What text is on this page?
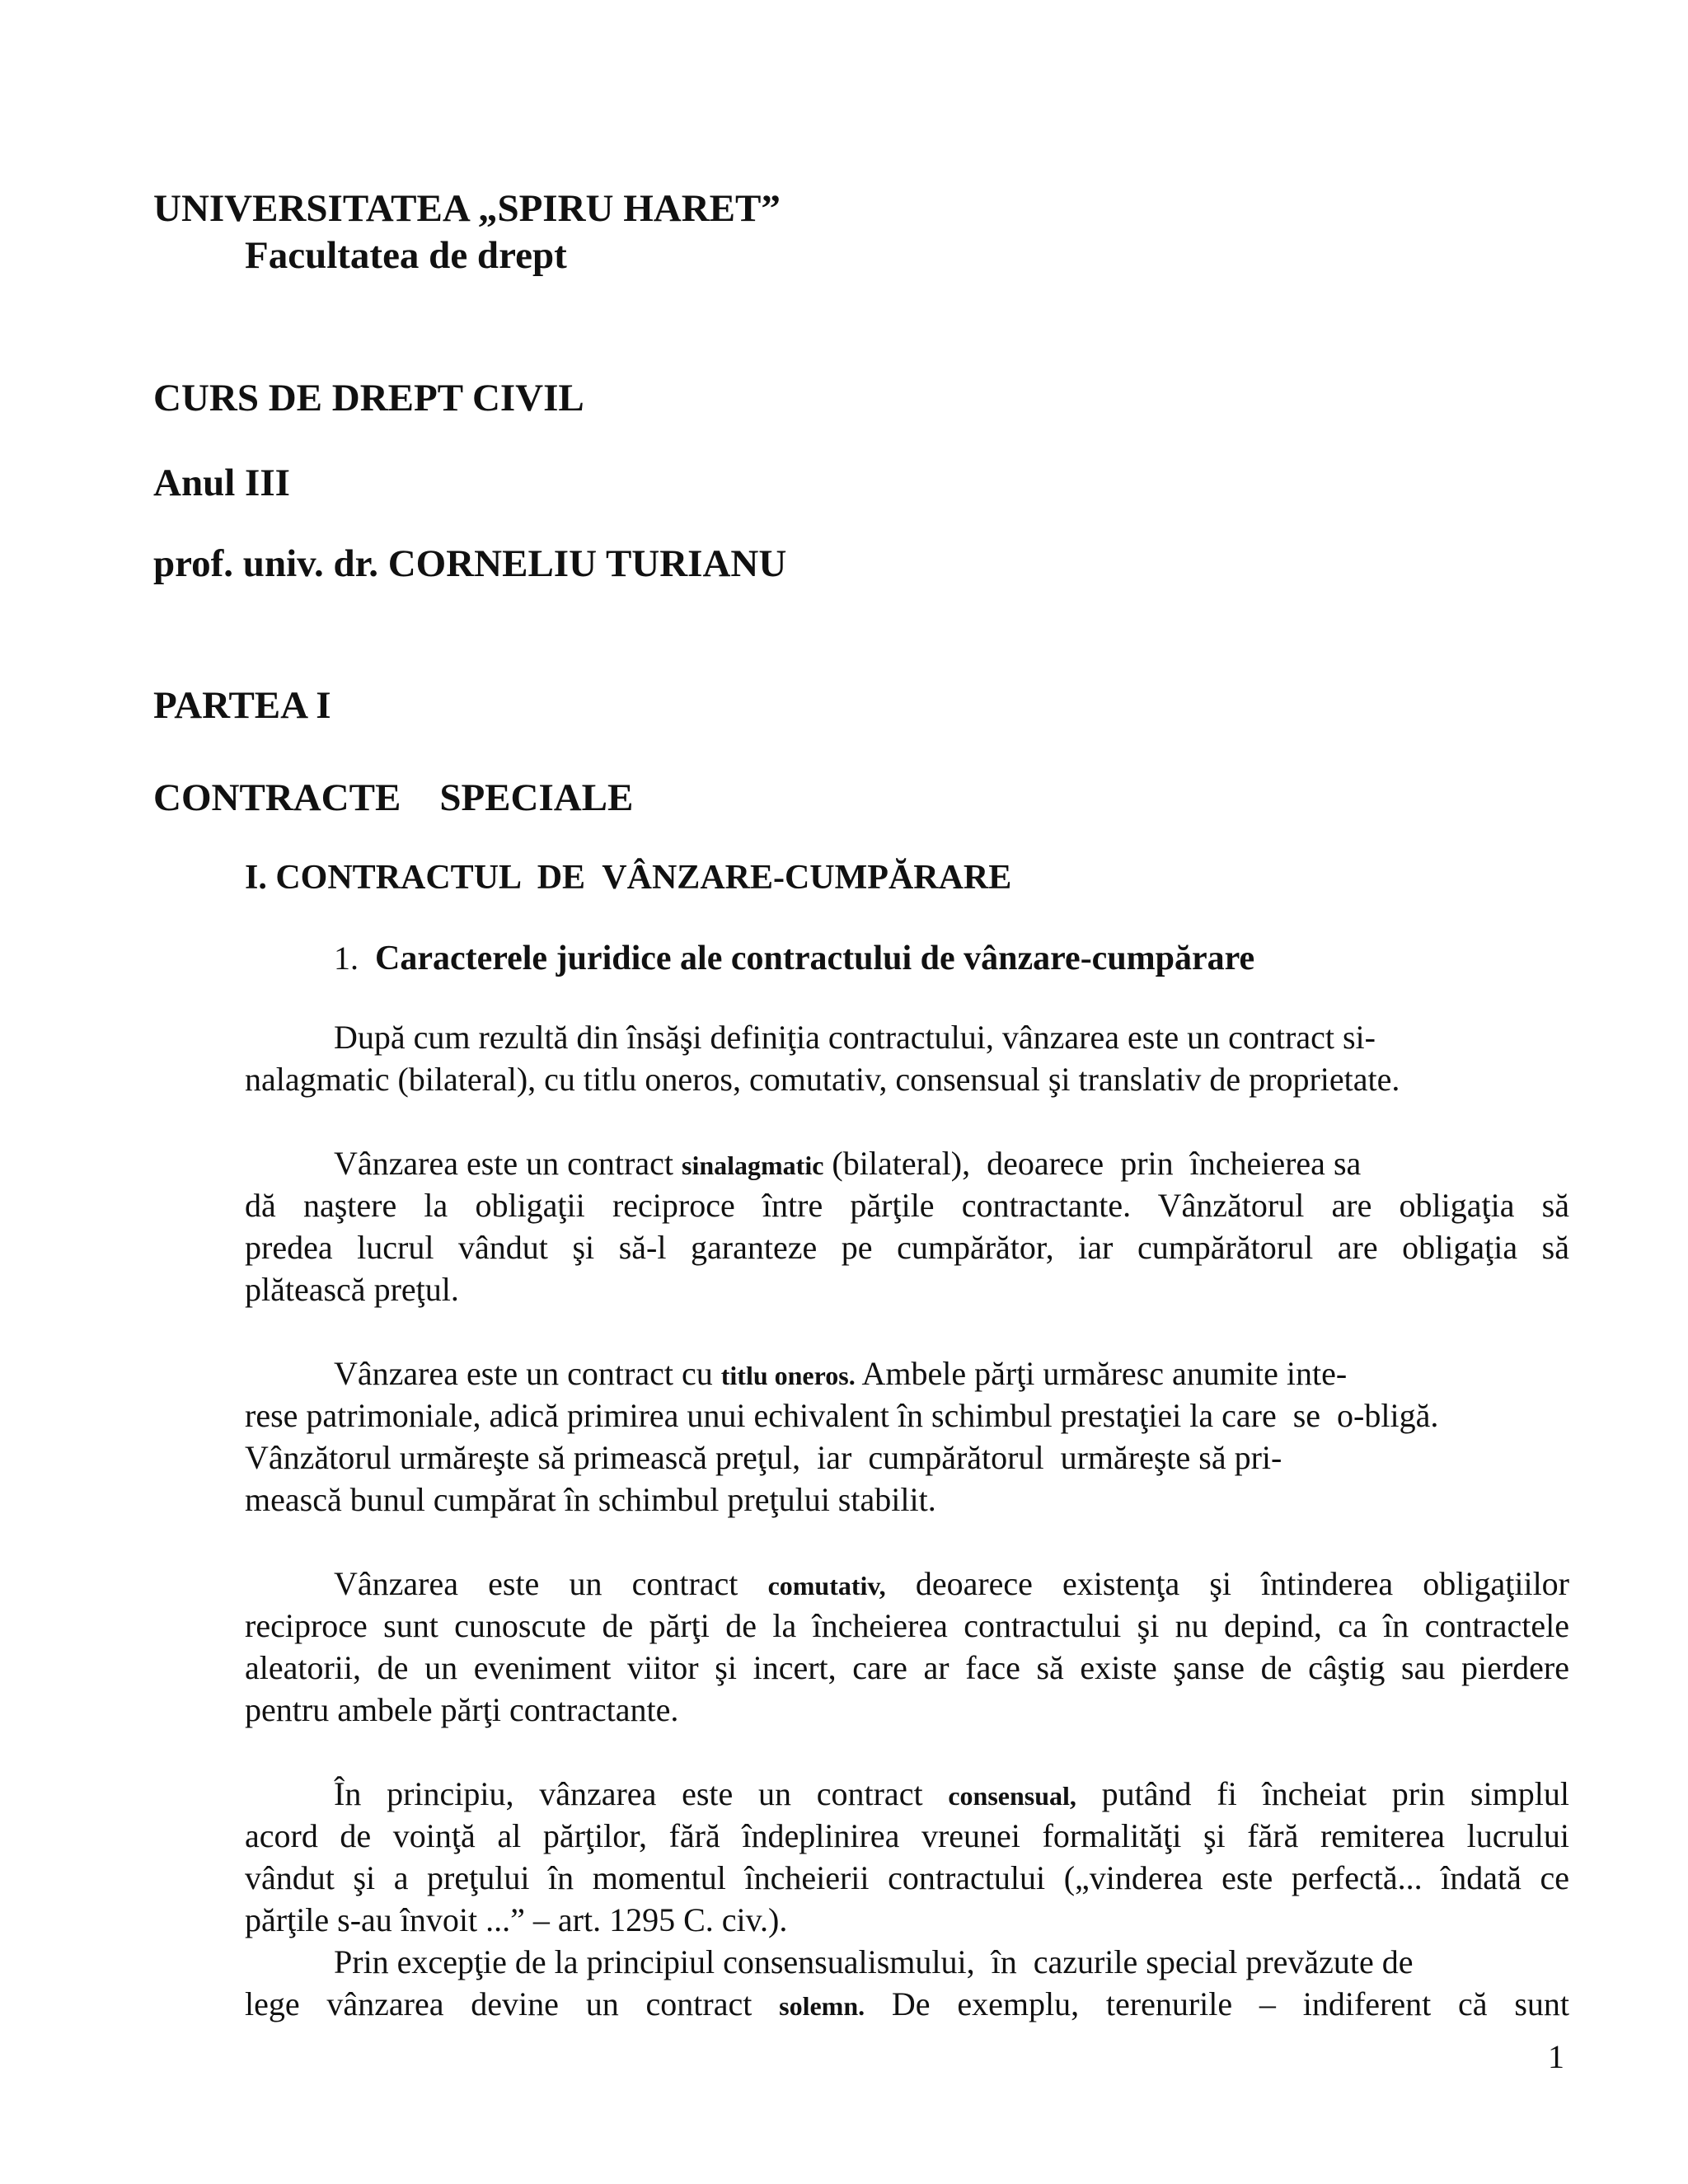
UNIVERSITATEA „SPIRU HARET”
Facultatea de drept
CURS DE DREPT CIVIL
Anul III
prof. univ. dr. CORNELIU TURIANU
PARTEA I
CONTRACTE    SPECIALE
I. CONTRACTUL  DE  VÂNZARE-CUMPĂRARE
1. Caracterele juridice ale contractului de vânzare-cumpărare
După cum rezultă din însăşi definiţia contractului, vânzarea este un contract si-
nalagmatic (bilateral), cu titlu oneros, comutativ, consensual şi translativ de proprietate.
Vânzarea este un contract sinalagmatic (bilateral),  deoarece  prin  încheierea sa
dă naştere la obligaţii reciproce între părţile contractante. Vânzătorul are obligaţia să
predea lucrul vândut şi să-l garanteze pe cumpărător, iar cumpărătorul are obligaţia să
plătească preţul.
Vânzarea este un contract cu titlu oneros. Ambele părţi urmăresc anumite inte-
rese patrimoniale, adică primirea unui echivalent în schimbul prestaţiei la care  se  o-bligă.
Vânzătorul urmăreşte să primească preţul,  iar  cumpărătorul  urmăreşte să pri-
mească bunul cumpărat în schimbul preţului stabilit.
Vânzarea este un contract comutativ, deoarece existenţa şi întinderea obligaţiilor
reciproce sunt cunoscute de părţi de la încheierea contractului şi nu depind, ca în contractele
aleatorii, de un eveniment viitor şi incert, care ar face să existe şanse de câştig sau pierdere
pentru ambele părţi contractante.
În principiu, vânzarea este un contract consensual, putând fi încheiat prin simplul
acord de voinţă al părţilor, fără îndeplinirea vreunei formalităţi şi fără remiterea lucrului
vândut şi a preţului în momentul încheierii contractului („vinderea este perfectă... îndată ce
părţile s-au învoit ...” – art. 1295 C. civ.).
Prin excepţie de la principiul consensualismului,  în  cazurile special prevăzute de
lege vânzarea devine un contract solemn. De exemplu, terenurile – indiferent că sunt
1
